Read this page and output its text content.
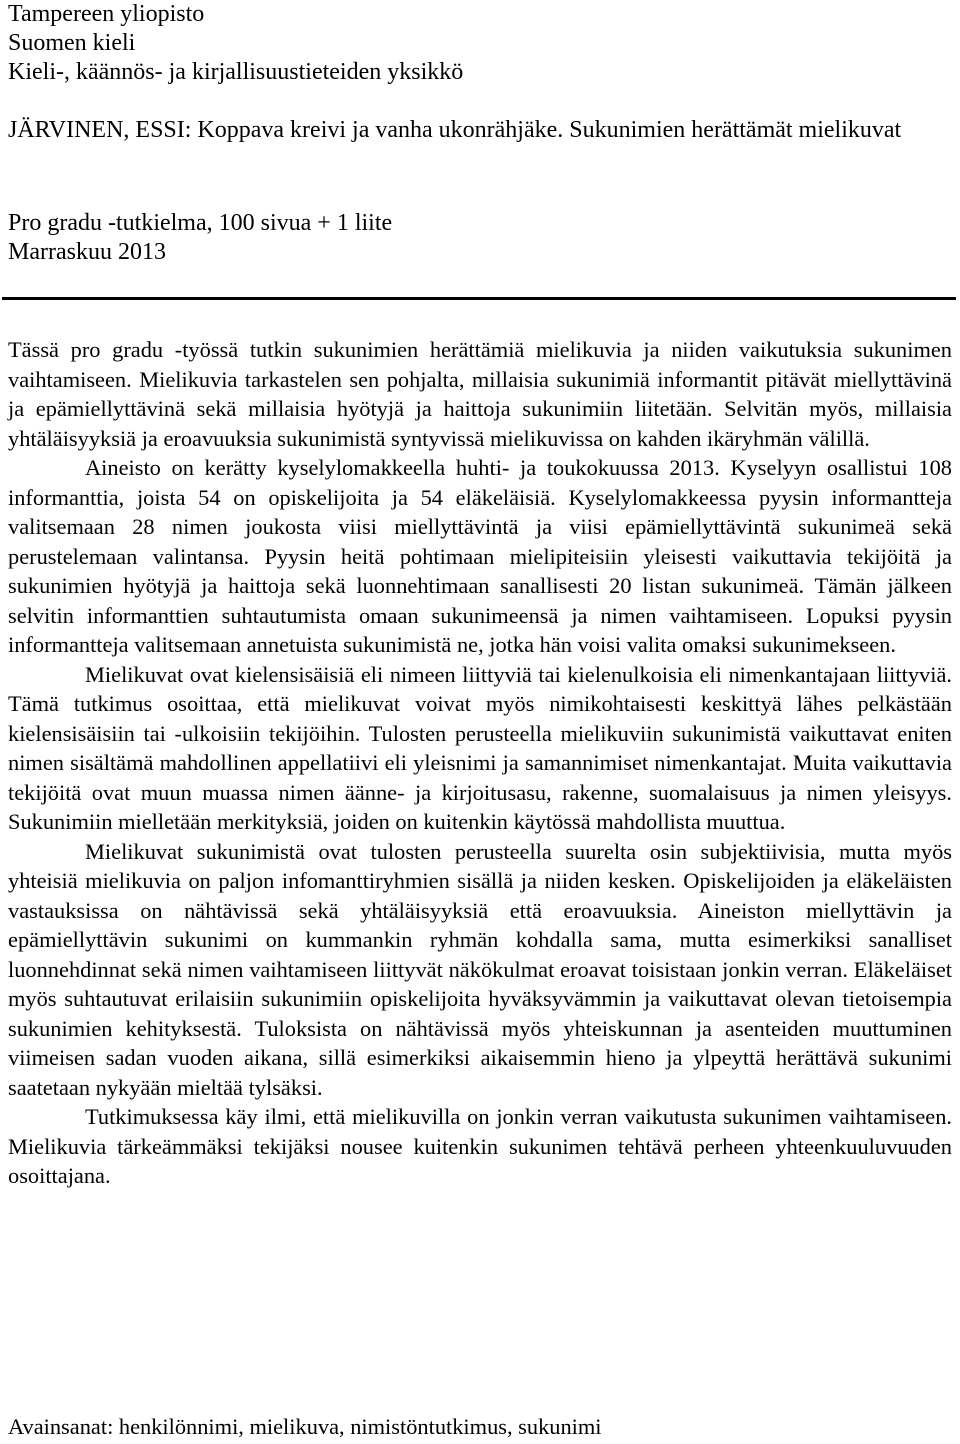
Tampereen yliopisto
Suomen kieli
Kieli-, käännös- ja kirjallisuustieteiden yksikkö
JÄRVINEN, ESSI: Koppava kreivi ja vanha ukonrähjäke. Sukunimien herättämät mielikuvat
Pro gradu -tutkielma, 100 sivua + 1 liite
Marraskuu 2013

Tässä pro gradu -työssä tutkin sukunimien herättämiä mielikuvia ja niiden vaikutuksia sukunimen vaihtamiseen. Mielikuvia tarkastelen sen pohjalta, millaisia sukunimiä informantit pitävät miellyttävinä ja epämiellyttävinä sekä millaisia hyötyjä ja haittoja sukunimiin liitetään. Selvitän myös, millaisia yhtäläisyyksiä ja eroavuuksia sukunimistä syntyvissä mielikuvissa on kahden ikäryhmän välillä.

Aineisto on kerätty kyselylomakkeella huhti- ja toukokuussa 2013. Kyselyyn osallistui 108 informanttia, joista 54 on opiskelijoita ja 54 eläkeläisiä. Kyselylomakkeessa pyysin informantteja valitsemaan 28 nimen joukosta viisi miellyttävintä ja viisi epämiellyttävintä sukunimeä sekä perustelemaan valintansa. Pyysin heitä pohtimaan mielipiteisiin yleisesti vaikuttavia tekijöitä ja sukunimien hyötyjä ja haittoja sekä luonnehtimaan sanallisesti 20 listan sukunimeä. Tämän jälkeen selvitin informanttien suhtautumista omaan sukunimeensä ja nimen vaihtamiseen. Lopuksi pyysin informantteja valitsemaan annetuista sukunimistä ne, jotka hän voisi valita omaksi sukunimekseen.

Mielikuvat ovat kielensisäisiä eli nimeen liittyviä tai kielenulkoisia eli nimenkantajaan liittyviä. Tämä tutkimus osoittaa, että mielikuvat voivat myös nimikohtaisesti keskittyä lähes pelkästään kielensisäisiin tai -ulkoisiin tekijöihin. Tulosten perusteella mielikuviin sukunimistä vaikuttavat eniten nimen sisältämä mahdollinen appellatiivi eli yleisnimi ja samannimiset nimenkantajat. Muita vaikuttavia tekijöitä ovat muun muassa nimen äänne- ja kirjoitusasu, rakenne, suomalaisuus ja nimen yleisyys. Sukunimiin mielletään merkityksiä, joiden on kuitenkin käytössä mahdollista muuttua.

Mielikuvat sukunimistä ovat tulosten perusteella suurelta osin subjektiivisia, mutta myös yhteisiä mielikuvia on paljon infomanttiryhmien sisällä ja niiden kesken. Opiskelijoiden ja eläkeläisten vastauksissa on nähtävissä sekä yhtäläisyyksiä että eroavuuksia. Aineiston miellyttävin ja epämiellyttävin sukunimi on kummankin ryhmän kohdalla sama, mutta esimerkiksi sanalliset luonnehdinnat sekä nimen vaihtamiseen liittyvät näkökulmat eroavat toisistaan jonkin verran. Eläkeläiset myös suhtautuvat erilaisiin sukunimiin opiskelijoita hyväksyvämmin ja vaikuttavat olevan tietoisempia sukunimien kehityksestä. Tuloksista on nähtävissä myös yhteiskunnan ja asenteiden muuttuminen viimeisen sadan vuoden aikana, sillä esimerkiksi aikaisemmin hieno ja ylpeyttä herättävä sukunimi saatetaan nykyään mieltää tylsäksi.

Tutkimuksessa käy ilmi, että mielikuvilla on jonkin verran vaikutusta sukunimen vaihtamiseen. Mielikuvia tärkeämmäksi tekijäksi nousee kuitenkin sukunimen tehtävä perheen yhteenkuuluvuuden osoittajana.

Avainsanat: henkilönnimi, mielikuva, nimistöntutkimus, sukunimi
